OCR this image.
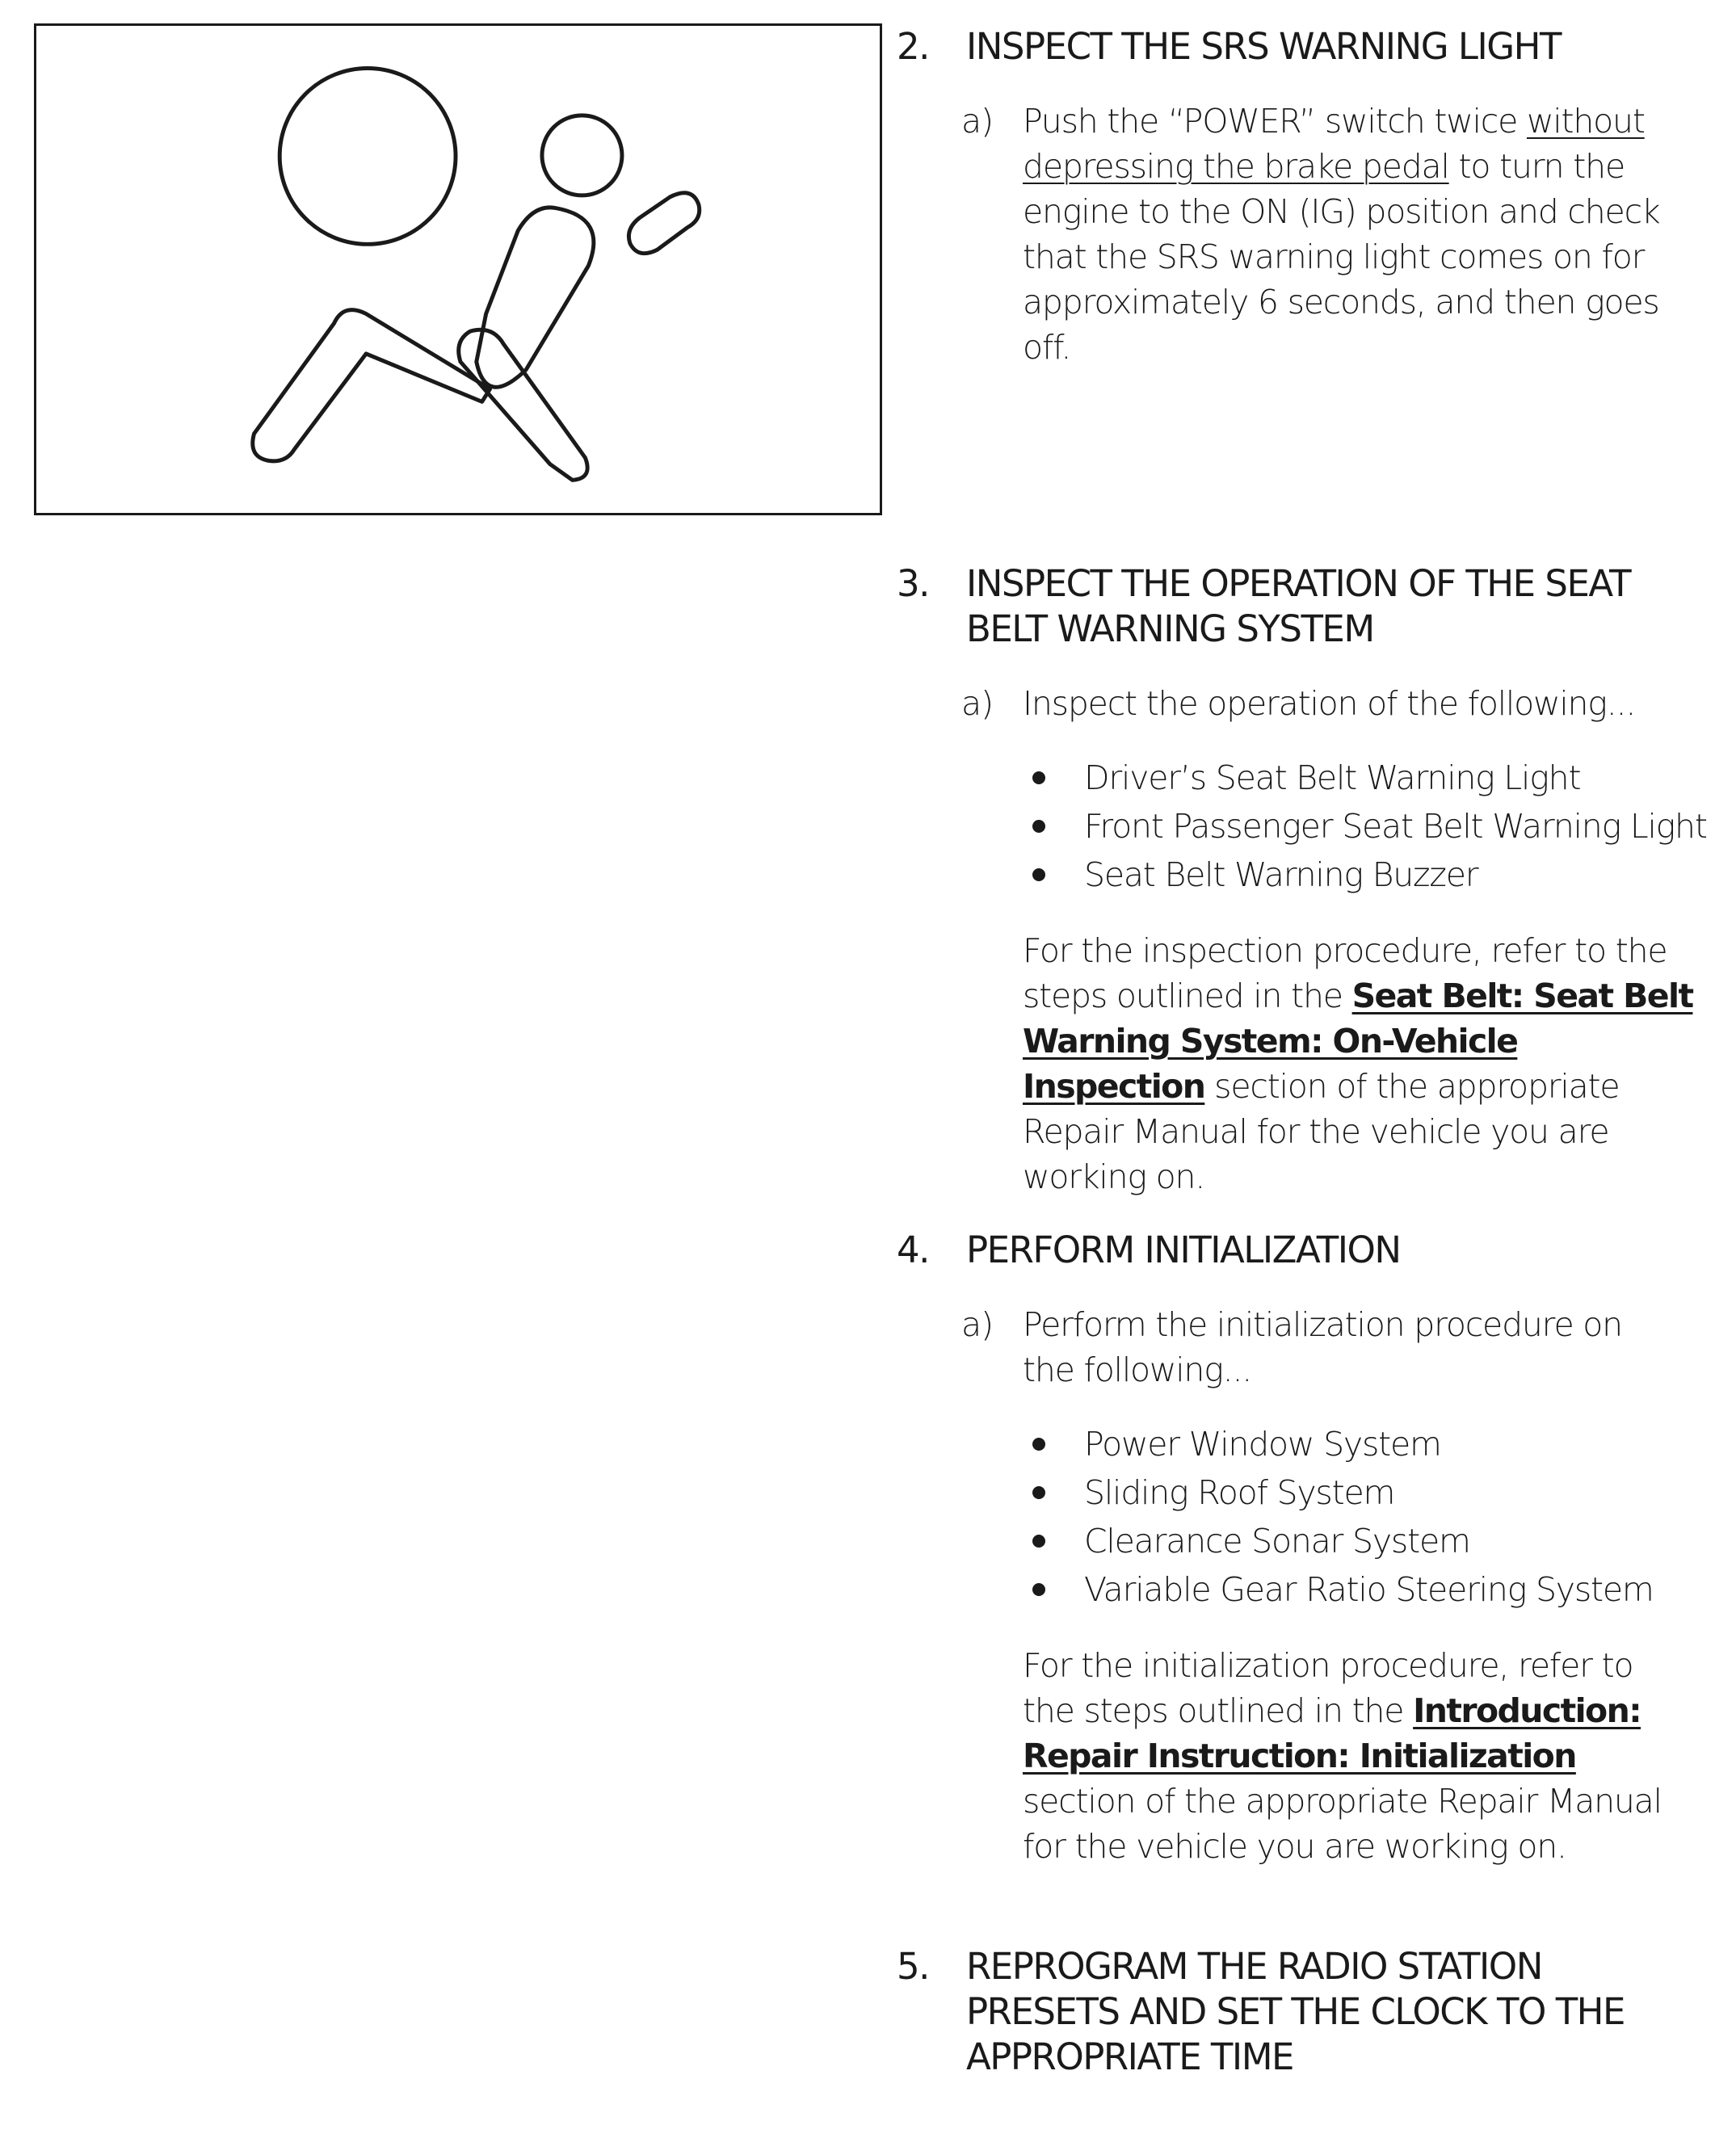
2. INSPECT THE SRS WARNING LIGHT
a) Push the “POWER” switch twice without depressing the brake pedal to turn the engine to the ON (IG) position and check that the SRS warning light comes on for approximately 6 seconds, and then goes off.
3. INSPECT THE OPERATION OF THE SEAT BELT WARNING SYSTEM
a) Inspect the operation of the following...
Driver’s Seat Belt Warning Light
Front Passenger Seat Belt Warning Light
Seat Belt Warning Buzzer
For the inspection procedure, refer to the steps outlined in the Seat Belt: Seat Belt Warning System: On-Vehicle Inspection section of the appropriate Repair Manual for the vehicle you are working on.
4. PERFORM INITIALIZATION
a) Perform the initialization procedure on the following...
Power Window System
Sliding Roof System
Clearance Sonar System
Variable Gear Ratio Steering System
For the initialization procedure, refer to the steps outlined in the Introduction: Repair Instruction: Initialization section of the appropriate Repair Manual for the vehicle you are working on.
5. REPROGRAM THE RADIO STATION PRESETS AND SET THE CLOCK TO THE APPROPRIATE TIME
